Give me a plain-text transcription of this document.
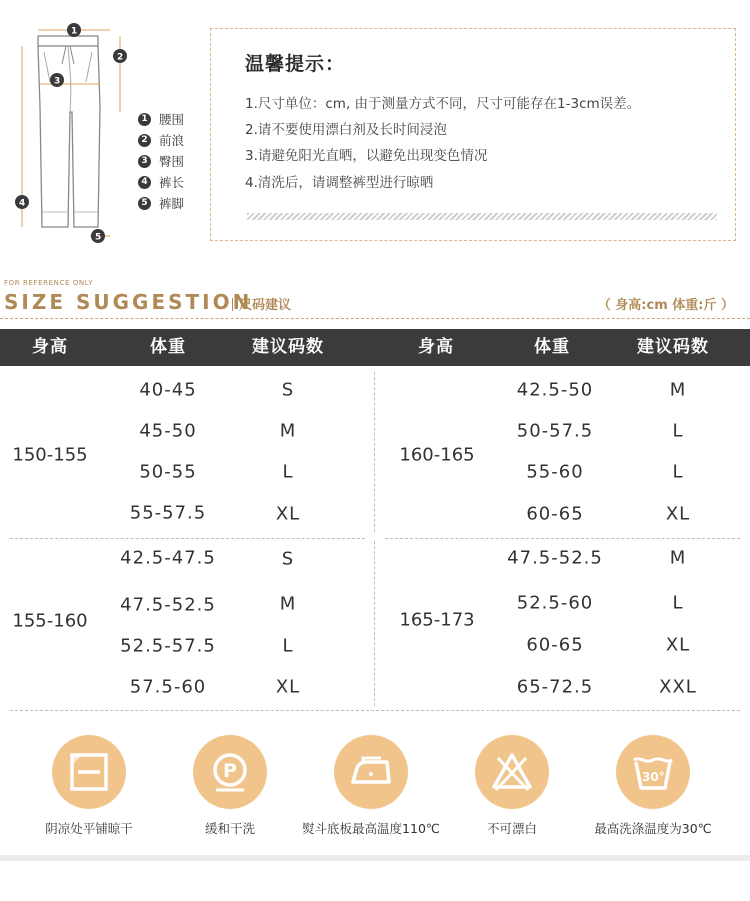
1
2
3
4
5
1 腰围
2 前浪
3 臀围
4 裤长
5 裤脚
温馨提示：
1.尺寸单位：cm, 由于测量方式不同，尺寸可能存在1-3cm误差。
2.请不要使用漂白剂及长时间浸泡
3.请避免阳光直晒，以避免出现变色情况
4.清洗后，请调整裤型进行晾晒
FOR REFERENCE ONLY
SIZE SUGGESTION
尺码建议	（ 身高:cm 体重:斤 ）
身高	体重	建议码数	身高	体重	建议码数
150-155
40-45	S
45-50	M
50-55	L
55-57.5	XL
160-165
42.5-50	M
50-57.5	L
55-60	L
60-65	XL
155-160
42.5-47.5	S
47.5-52.5	M
52.5-57.5	L
57.5-60	XL
165-173
47.5-52.5	M
52.5-60	L
60-65	XL
65-72.5	XXL
阴凉处平铺晾干
P
缓和干洗	熨斗底板最高温度110℃	不可漂白
30°
最高洗涤温度为30℃
